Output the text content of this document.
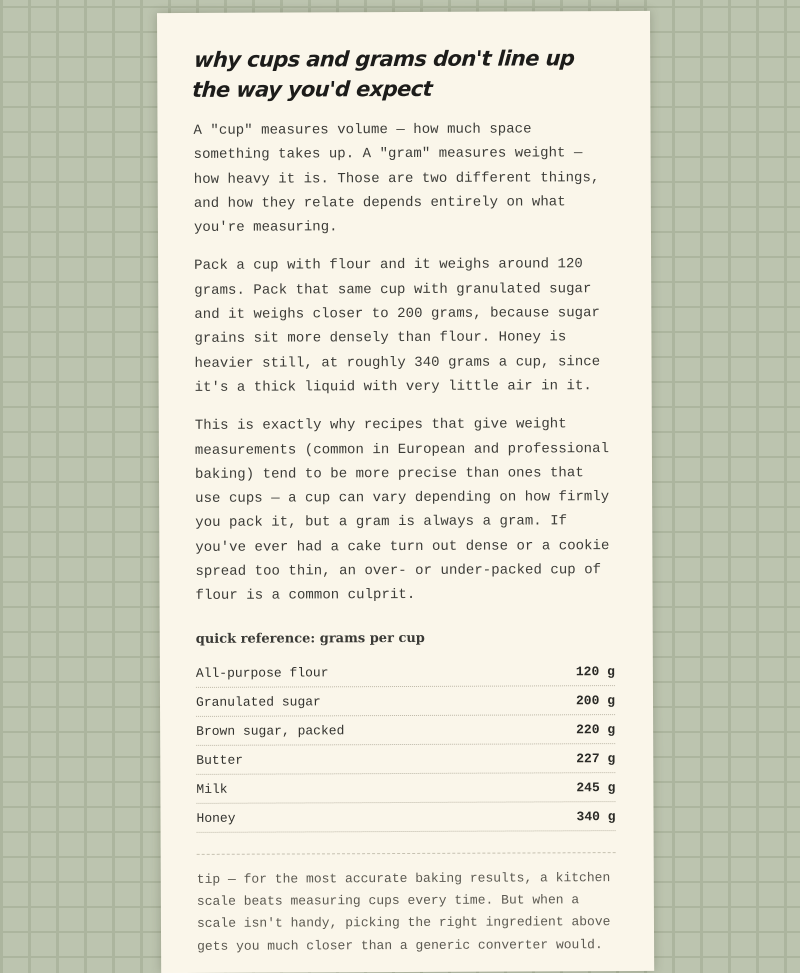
why cups and grams don't line up the way you'd expect

A "cup" measures volume — how much space something takes up. A "gram" measures weight — how heavy it is. Those are two different things, and how they relate depends entirely on what you're measuring.

Pack a cup with flour and it weighs around 120 grams. Pack that same cup with granulated sugar and it weighs closer to 200 grams, because sugar grains sit more densely than flour. Honey is heavier still, at roughly 340 grams a cup, since it's a thick liquid with very little air in it.

This is exactly why recipes that give weight measurements (common in European and professional baking) tend to be more precise than ones that use cups — a cup can vary depending on how firmly you pack it, but a gram is always a gram. If you've ever had a cake turn out dense or a cookie spread too thin, an over- or under-packed cup of flour is a common culprit.

quick reference: grams per cup
All-purpose flour	120 g
Granulated sugar	200 g
Brown sugar, packed	220 g
Butter	227 g
Milk	245 g
Honey	340 g

tip — for the most accurate baking results, a kitchen scale beats measuring cups every time. But when a scale isn't handy, picking the right ingredient above gets you much closer than a generic converter would.
